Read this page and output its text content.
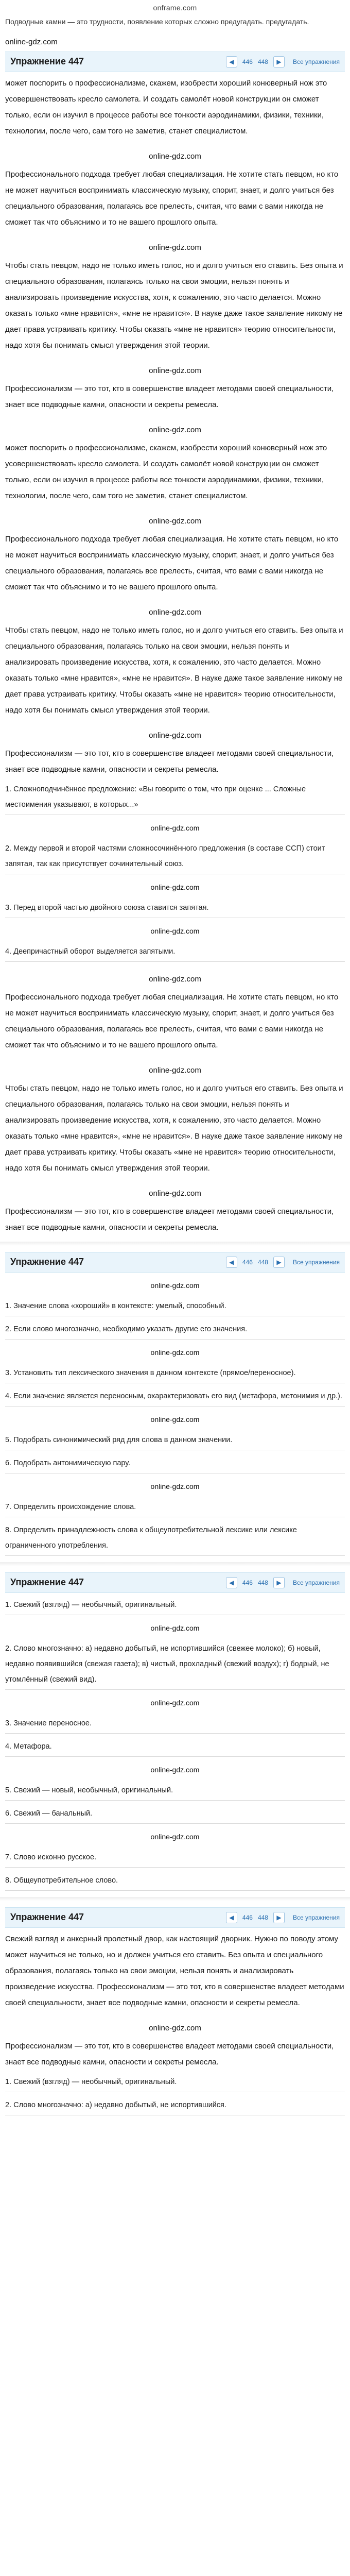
onframe.com

Подводные камни — это трудности, появление которых сложно предугадать. предугадать.

online-gdz.com
Упражнение 447	◀	446 448	▶	Все упражнения

может поспорить о профессионализме, скажем, изобрести хороший конюверный нож это усовершенствовать кресло самолета. И создать самолёт новой конструкции он сможет только, если он изучил в процессе работы все тонкости аэродинамики, физики, техники, технологии, после чего, сам того не заметив, станет специалистом.

online-gdz.com

Профессионального подхода требует любая специализация. Не хотите стать певцом, но кто не может научиться воспринимать классическую музыку, спорит, знает, и долго учиться без специального образования, полагаясь все прелесть, считая, что вами с вами никогда не сможет так что объяснимо и то не вашего прошлого опыта.

online-gdz.com

Чтобы стать певцом, надо не только иметь голос, но и долго учиться его ставить. Без опыта и специального образования, полагаясь только на свои эмоции, нельзя понять и анализировать произведение искусства, хотя, к сожалению, это часто делается. Можно оказать только «мне нравится», «мне не нравится». В науке даже такое заявление никому не дает права устраивать критику. Чтобы оказать «мне не нравится» теорию относительности, надо хотя бы понимать смысл утверждения этой теории.

online-gdz.com

Профессионализм — это тот, кто в совершенстве владеет методами своей специальности, знает все подводные камни, опасности и секреты ремесла.

online-gdz.com

может поспорить о профессионализме, скажем, изобрести хороший конюверный нож это усовершенствовать кресло самолета. И создать самолёт новой конструкции он сможет только, если он изучил в процессе работы все тонкости аэродинамики, физики, техники, технологии, после чего, сам того не заметив, станет специалистом.

online-gdz.com

Профессионального подхода требует любая специализация. Не хотите стать певцом, но кто не может научиться воспринимать классическую музыку, спорит, знает, и долго учиться без специального образования, полагаясь все прелесть, считая, что вами с вами никогда не сможет так что объяснимо и то не вашего прошлого опыта.

online-gdz.com

Чтобы стать певцом, надо не только иметь голос, но и долго учиться его ставить. Без опыта и специального образования, полагаясь только на свои эмоции, нельзя понять и анализировать произведение искусства, хотя, к сожалению, это часто делается. Можно оказать только «мне нравится», «мне не нравится». В науке даже такое заявление никому не дает права устраивать критику. Чтобы оказать «мне не нравится» теорию относительности, надо хотя бы понимать смысл утверждения этой теории.

online-gdz.com

Профессионализм — это тот, кто в совершенстве владеет методами своей специальности, знает все подводные камни, опасности и секреты ремесла.

1. Сложноподчинённое предложение: «Вы говорите о том, что при оценке ... Сложные местоимения указывают, в которых...»
online-gdz.com
2. Между первой и второй частями сложносочинённого предложения (в составе ССП) стоит запятая, так как присутствует сочинительный союз.
online-gdz.com
3. Перед второй частью двойного союза ставится запятая.
online-gdz.com
4. Деепричастный оборот выделяется запятыми.
online-gdz.com

Профессионального подхода требует любая специализация. Не хотите стать певцом, но кто не может научиться воспринимать классическую музыку, спорит, знает, и долго учиться без специального образования, полагаясь все прелесть, считая, что вами с вами никогда не сможет так что объяснимо и то не вашего прошлого опыта.

online-gdz.com

Чтобы стать певцом, надо не только иметь голос, но и долго учиться его ставить. Без опыта и специального образования, полагаясь только на свои эмоции, нельзя понять и анализировать произведение искусства, хотя, к сожалению, это часто делается. Можно оказать только «мне нравится», «мне не нравится». В науке даже такое заявление никому не дает права устраивать критику. Чтобы оказать «мне не нравится» теорию относительности, надо хотя бы понимать смысл утверждения этой теории.

online-gdz.com

Профессионализм — это тот, кто в совершенстве владеет методами своей специальности, знает все подводные камни, опасности и секреты ремесла.

Упражнение 447	◀	446 448	▶	Все упражнения
online-gdz.com
1. Значение слова «хороший» в контексте: умелый, способный.
2. Если слово многозначно, необходимо указать другие его значения.
online-gdz.com
3. Установить тип лексического значения в данном контексте (прямое/переносное).
4. Если значение является переносным, охарактеризовать его вид (метафора, метонимия и др.).
online-gdz.com
5. Подобрать синонимический ряд для слова в данном значении.
6. Подобрать антонимическую пару.
online-gdz.com
7. Определить происхождение слова.
8. Определить принадлежность слова к общеупотребительной лексике или лексике ограниченного употребления.
Упражнение 447	◀	446 448	▶	Все упражнения
1. Свежий (взгляд) — необычный, оригинальный.
online-gdz.com
2. Слово многозначно: а) недавно добытый, не испортившийся (свежее молоко); б) новый, недавно появившийся (свежая газета); в) чистый, прохладный (свежий воздух); г) бодрый, не утомлённый (свежий вид).
online-gdz.com
3. Значение переносное.
4. Метафора.
online-gdz.com
5. Свежий — новый, необычный, оригинальный.
6. Свежий — банальный.
online-gdz.com
7. Слово исконно русское.
8. Общеупотребительное слово.
Упражнение 447	◀	446 448	▶	Все упражнения

Свежий взгляд и анкерный пролетный двор, как настоящий дворник. Нужно по поводу этому может научиться не только, но и должен учиться его ставить. Без опыта и специального образования, полагаясь только на свои эмоции, нельзя понять и анализировать произведение искусства. Профессионализм — это тот, кто в совершенстве владеет методами своей специальности, знает все подводные камни, опасности и секреты ремесла.

online-gdz.com

Профессионализм — это тот, кто в совершенстве владеет методами своей специальности, знает все подводные камни, опасности и секреты ремесла.

1. Свежий (взгляд) — необычный, оригинальный.
2. Слово многозначно: а) недавно добытый, не испортившийся.
